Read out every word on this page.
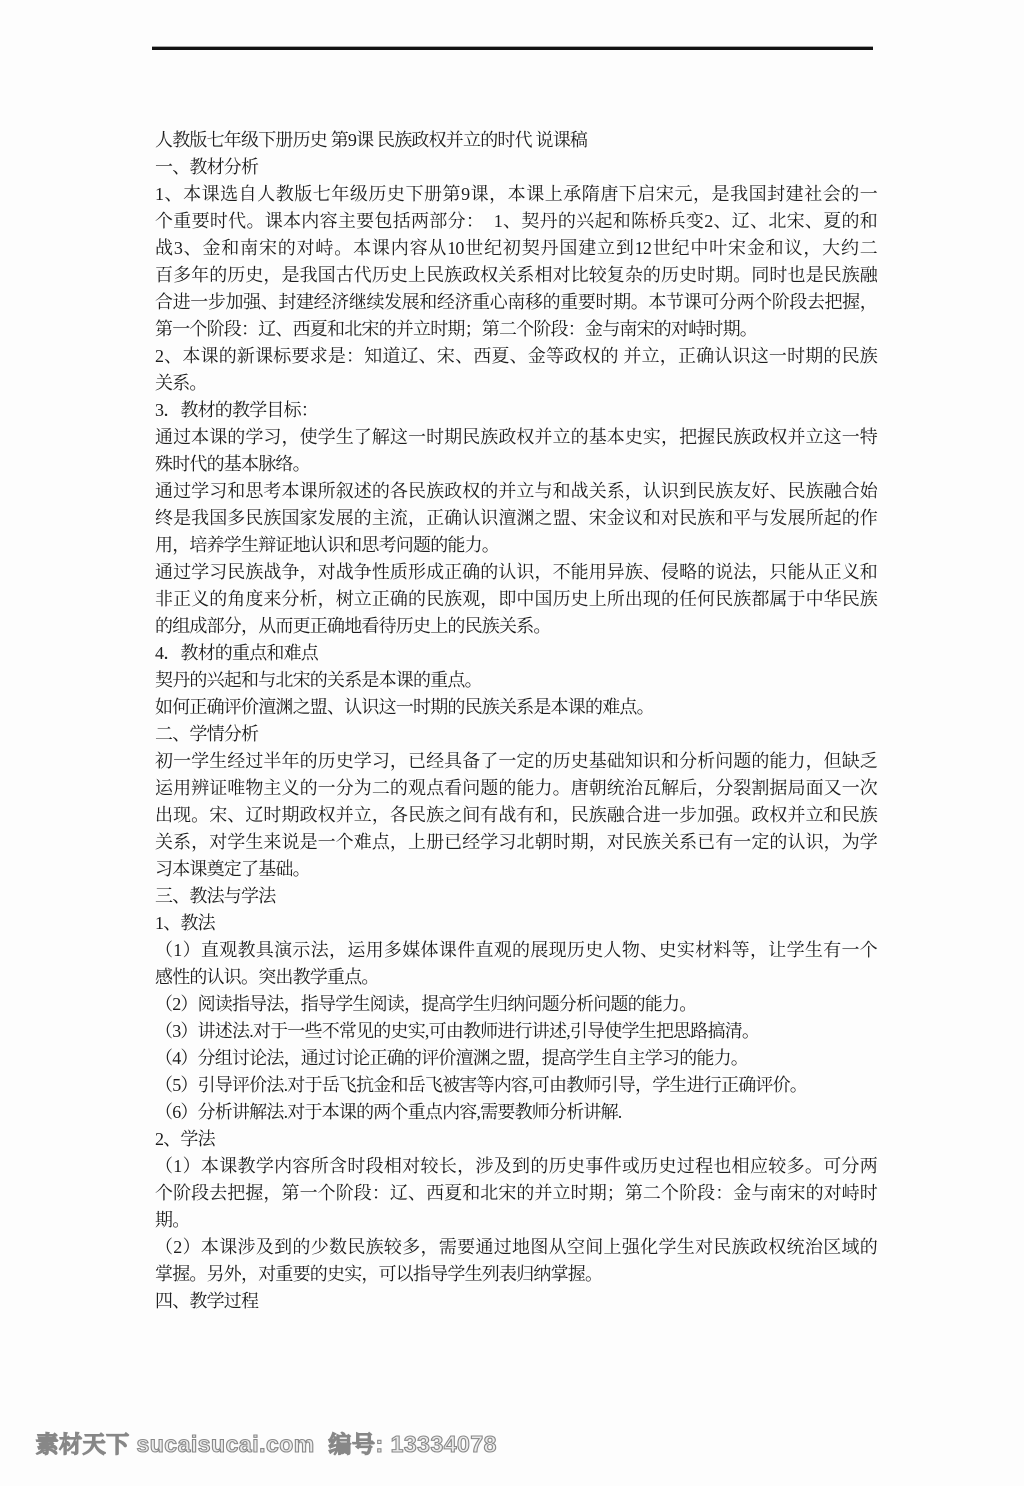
人教版七年级下册历史 第9课 民族政权并立的时代 说课稿
一、教材分析
1、本课选自人教版七年级历史下册第9课，本课上承隋唐下启宋元，是我国封建社会的一
个重要时代。课本内容主要包括两部分：  1、契丹的兴起和陈桥兵变2、辽、北宋、夏的和
战3、金和南宋的对峙。本课内容从10世纪初契丹国建立到12世纪中叶宋金和议，大约二
百多年的历史，是我国古代历史上民族政权关系相对比较复杂的历史时期。同时也是民族融
合进一步加强、封建经济继续发展和经济重心南移的重要时期。本节课可分两个阶段去把握，
第一个阶段：辽、西夏和北宋的并立时期；第二个阶段：金与南宋的对峙时期。
2、本课的新课标要求是：知道辽、宋、西夏、金等政权的 并立，正确认识这一时期的民族
关系。
3．教材的教学目标：
通过本课的学习，使学生了解这一时期民族政权并立的基本史实，把握民族政权并立这一特
殊时代的基本脉络。
通过学习和思考本课所叙述的各民族政权的并立与和战关系，认识到民族友好、民族融合始
终是我国多民族国家发展的主流，正确认识澶渊之盟、宋金议和对民族和平与发展所起的作
用，培养学生辩证地认识和思考问题的能力。
通过学习民族战争，对战争性质形成正确的认识，不能用异族、侵略的说法，只能从正义和
非正义的角度来分析，树立正确的民族观，即中国历史上所出现的任何民族都属于中华民族
的组成部分，从而更正确地看待历史上的民族关系。
4．教材的重点和难点
契丹的兴起和与北宋的关系是本课的重点。
如何正确评价澶渊之盟、认识这一时期的民族关系是本课的难点。
二、学情分析
初一学生经过半年的历史学习，已经具备了一定的历史基础知识和分析问题的能力，但缺乏
运用辨证唯物主义的一分为二的观点看问题的能力。唐朝统治瓦解后，分裂割据局面又一次
出现。宋、辽时期政权并立，各民族之间有战有和，民族融合进一步加强。政权并立和民族
关系，对学生来说是一个难点，上册已经学习北朝时期，对民族关系已有一定的认识，为学
习本课奠定了基础。
三、教法与学法
1、教法
（1）直观教具演示法，运用多媒体课件直观的展现历史人物、史实材料等，让学生有一个
感性的认识。突出教学重点。
（2）阅读指导法，指导学生阅读，提高学生归纳问题分析问题的能力。
（3）讲述法.对于一些不常见的史实,可由教师进行讲述,引导使学生把思路搞清。
（4）分组讨论法，通过讨论正确的评价澶渊之盟，提高学生自主学习的能力。
（5）引导评价法.对于岳飞抗金和岳飞被害等内容,可由教师引导，学生进行正确评价。
（6）分析讲解法.对于本课的两个重点内容,需要教师分析讲解.
2、学法
（1）本课教学内容所含时段相对较长，涉及到的历史事件或历史过程也相应较多。可分两
个阶段去把握，第一个阶段：辽、西夏和北宋的并立时期；第二个阶段：金与南宋的对峙时
期。
（2）本课涉及到的少数民族较多，需要通过地图从空间上强化学生对民族政权统治区域的
掌握。另外，对重要的史实，可以指导学生列表归纳掌握。
四、教学过程

素材天下 sucaisucai.com  编号: 13334078
